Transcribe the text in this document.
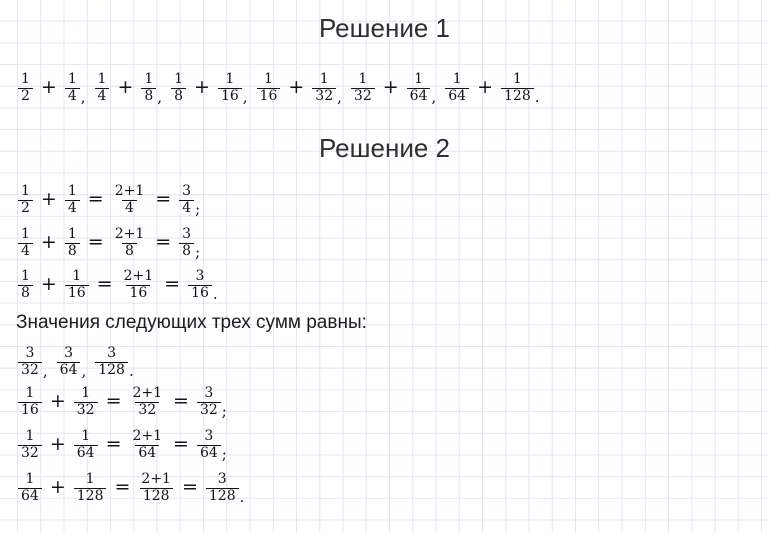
Решение 1
$\frac{1}{2} + \frac{1}{4}$ , $\frac{1}{4} + \frac{1}{8}$ , $\frac{1}{8} + \frac{1}{16}$ , $\frac{1}{16} + \frac{1}{32}$ , $\frac{1}{32} + \frac{1}{64}$ , $\frac{1}{64} + \frac{1}{128}$ .
Решение 2
$\frac{1}{2} + \frac{1}{4} = \frac{2+1}{4} = \frac{3}{4}$ ;
$\frac{1}{4} + \frac{1}{8} = \frac{2+1}{8} = \frac{3}{8}$ ;
$\frac{1}{8} + \frac{1}{16} = \frac{2+1}{16} = \frac{3}{16}$ .

Значения следующих трех сумм равны:

$\frac{3}{32}$ , $\frac{3}{64}$ , $\frac{3}{128}$ .
$\frac{1}{16} + \frac{1}{32} = \frac{2+1}{32} = \frac{3}{32}$ ;
$\frac{1}{32} + \frac{1}{64} = \frac{2+1}{64} = \frac{3}{64}$ ;
$\frac{1}{64} + \frac{1}{128} = \frac{2+1}{128} = \frac{3}{128}$ .
